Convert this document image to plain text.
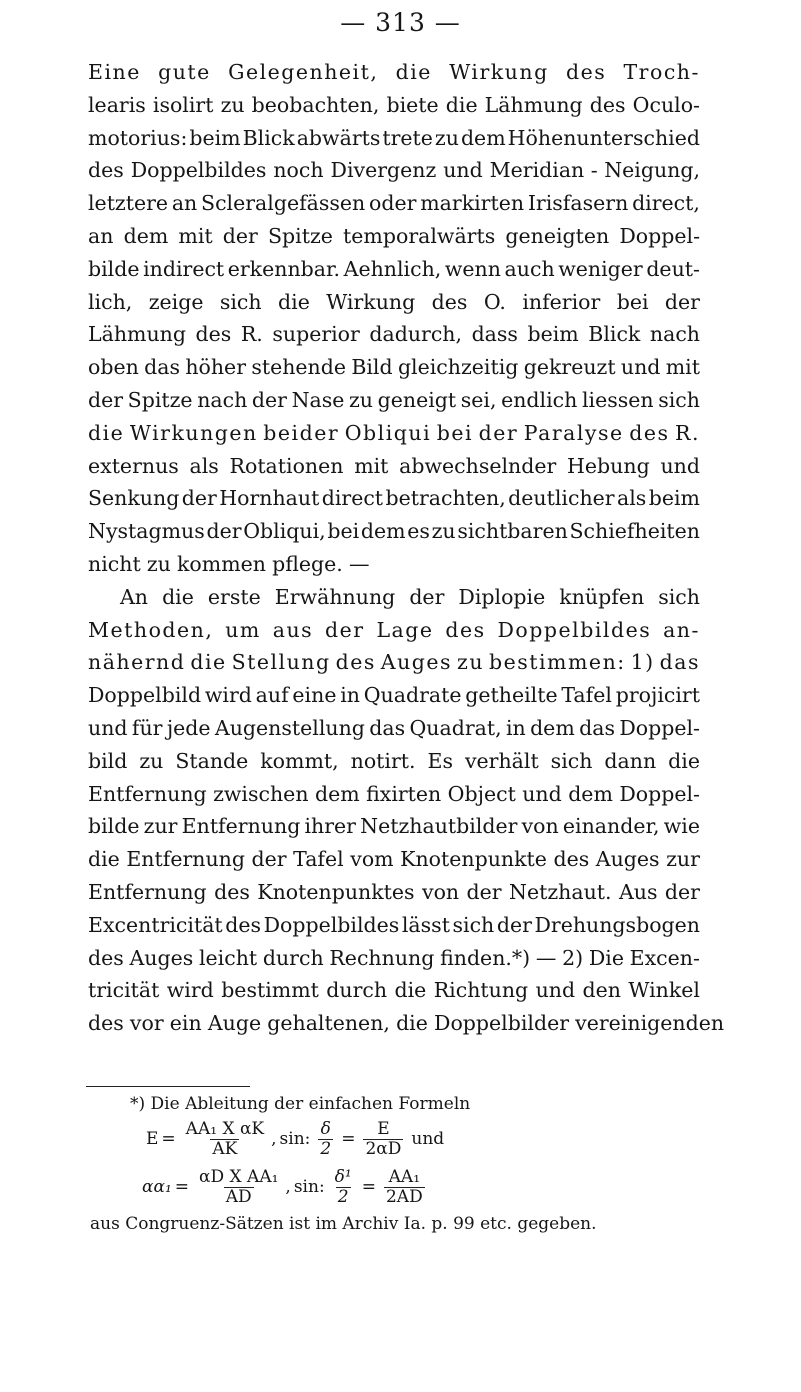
— 313 —
Eine gute Gelegenheit, die Wirkung des Troch-
learis isolirt zu beobachten, biete die Lähmung des Oculo-
motorius: beim Blick abwärts trete zu dem Höhenunterschied
des Doppelbildes noch Divergenz und Meridian - Neigung,
letztere an Scleralgefässen oder markirten Irisfasern direct,
an dem mit der Spitze temporalwärts geneigten Doppel-
bilde indirect erkennbar. Aehnlich, wenn auch weniger deut-
lich, zeige sich die Wirkung des O. inferior bei der
Lähmung des R. superior dadurch, dass beim Blick nach
oben das höher stehende Bild gleichzeitig gekreuzt und mit
der Spitze nach der Nase zu geneigt sei, endlich liessen sich
die Wirkungen beider Obliqui bei der Paralyse des R.
externus als Rotationen mit abwechselnder Hebung und
Senkung der Hornhaut direct betrachten, deutlicher als beim
Nystagmus der Obliqui, bei dem es zu sichtbaren Schiefheiten
nicht zu kommen pflege. —
An die erste Erwähnung der Diplopie knüpfen sich
Methoden, um aus der Lage des Doppelbildes an-
nähernd die Stellung des Auges zu bestimmen: 1) das
Doppelbild wird auf eine in Quadrate getheilte Tafel projicirt
und für jede Augenstellung das Quadrat, in dem das Doppel-
bild zu Stande kommt, notirt. Es verhält sich dann die
Entfernung zwischen dem fixirten Object und dem Doppel-
bilde zur Entfernung ihrer Netzhautbilder von einander, wie
die Entfernung der Tafel vom Knotenpunkte des Auges zur
Entfernung des Knotenpunktes von der Netzhaut. Aus der
Excentricität des Doppelbildes lässt sich der Drehungsbogen
des Auges leicht durch Rechnung finden.*) — 2) Die Excen-
tricität wird bestimmt durch die Richtung und den Winkel
des vor ein Auge gehaltenen, die Doppelbilder vereinigenden
*) Die Ableitung der einfachen Formeln
$E = \frac{\text{AA₁ X αK}}{AK}$ , sin: $\frac{\delta}{2} = \frac{E}{2\alpha D}$ und
$\alpha\alpha_1 = \frac{\text{αD X AA₁}}{AD}$ , sin: $\frac{\text{δ¹}}{2} = \frac{\text{AA₁}}{2AD}$
aus Congruenz-Sätzen ist im Archiv Ia. p. 99 etc. gegeben.
